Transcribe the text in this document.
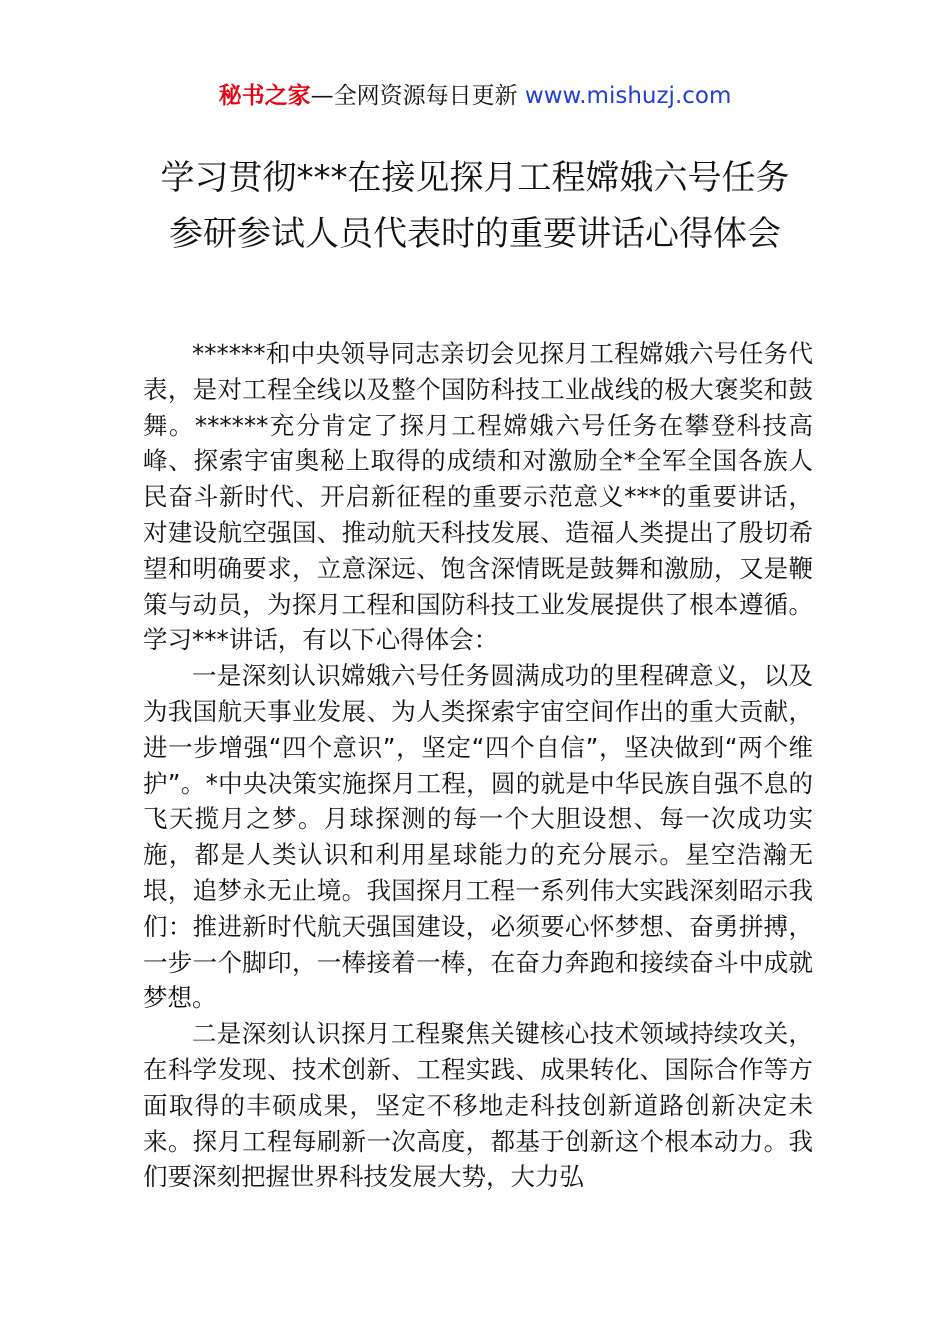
秘书之家—全网资源每日更新 www.mishuzj.com
学习贯彻***在接见探月工程嫦娥六号任务
参研参试人员代表时的重要讲话心得体会

******和中央领导同志亲切会见探月工程嫦娥六号任务代表，是对工程全线以及整个国防科技工业战线的极大褒奖和鼓舞。******充分肯定了探月工程嫦娥六号任务在攀登科技高峰、探索宇宙奥秘上取得的成绩和对激励全*全军全国各族人民奋斗新时代、开启新征程的重要示范意义***的重要讲话，对建设航空强国、推动航天科技发展、造福人类提出了殷切希望和明确要求，立意深远、饱含深情既是鼓舞和激励，又是鞭策与动员，为探月工程和国防科技工业发展提供了根本遵循。学习***讲话，有以下心得体会：

一是深刻认识嫦娥六号任务圆满成功的里程碑意义，以及为我国航天事业发展、为人类探索宇宙空间作出的重大贡献，进一步增强“四个意识”，坚定“四个自信”，坚决做到“两个维护”。*中央决策实施探月工程，圆的就是中华民族自强不息的飞天揽月之梦。月球探测的每一个大胆设想、每一次成功实施，都是人类认识和利用星球能力的充分展示。星空浩瀚无垠，追梦永无止境。我国探月工程一系列伟大实践深刻昭示我们：推进新时代航天强国建设，必须要心怀梦想、奋勇拼搏，一步一个脚印，一棒接着一棒，在奋力奔跑和接续奋斗中成就梦想。

二是深刻认识探月工程聚焦关键核心技术领域持续攻关，在科学发现、技术创新、工程实践、成果转化、国际合作等方面取得的丰硕成果，坚定不移地走科技创新道路创新决定未来。探月工程每刷新一次高度，都基于创新这个根本动力。我们要深刻把握世界科技发展大势，大力弘
